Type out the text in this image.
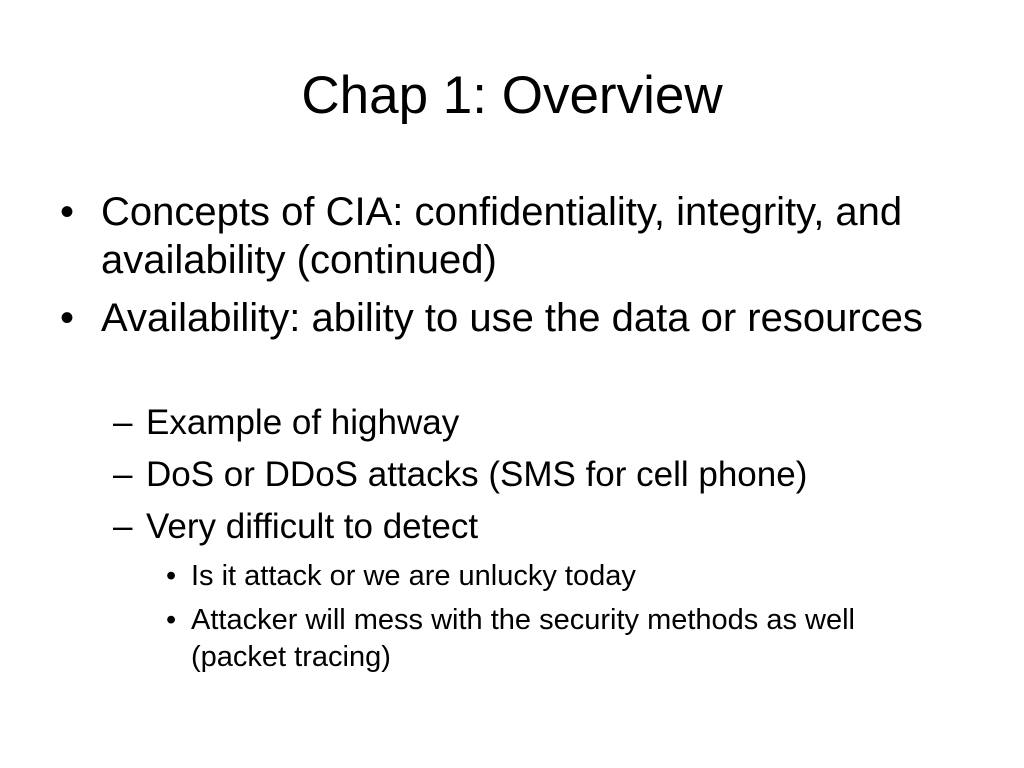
Chap 1: Overview
• Concepts of CIA: confidentiality, integrity, and availability (continued)
• Availability: ability to use the data or resources
– Example of highway
– DoS or DDoS attacks (SMS for cell phone)
– Very difficult to detect
• Is it attack or we are unlucky today
• Attacker will mess with the security methods as well (packet tracing)
